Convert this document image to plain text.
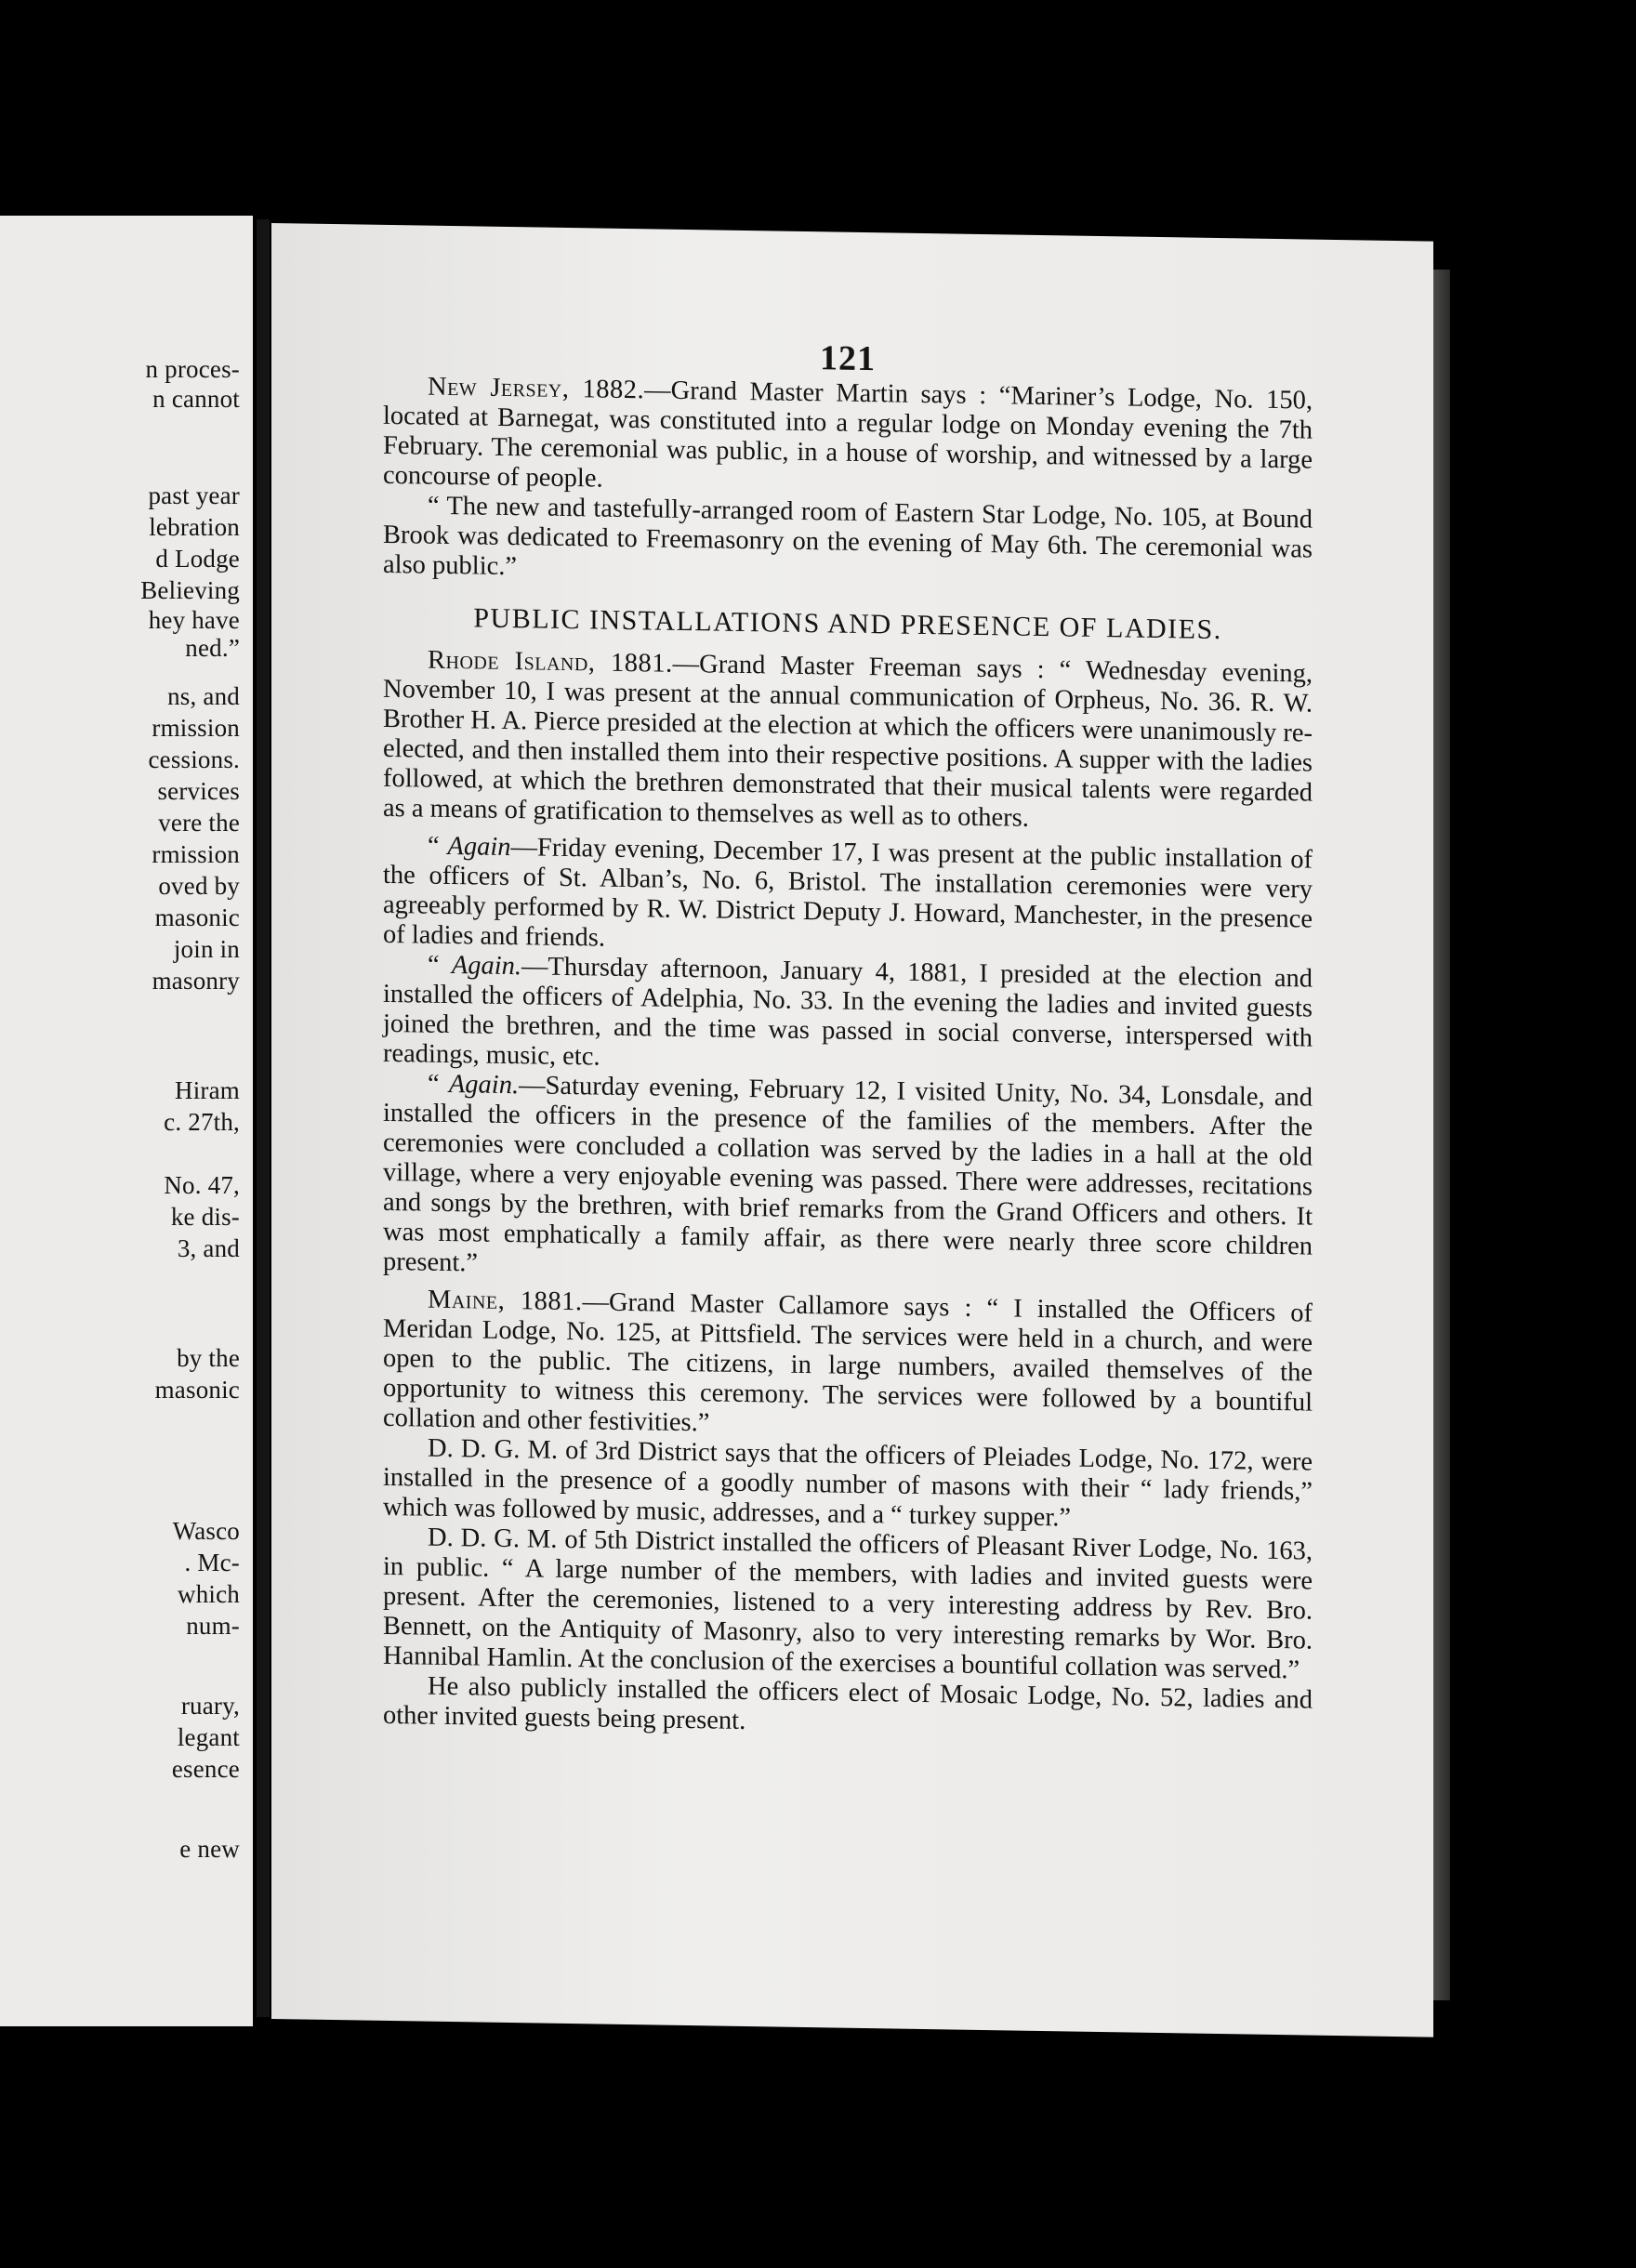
n proces-
n cannot
past year
lebration
d Lodge
Believing
hey have
ned.”
ns, and
rmission
cessions.
services
vere the
rmission
oved by
masonic
join in
masonry
Hiram
c. 27th,
No. 47,
ke dis-
3, and
by the
masonic
Wasco
. Mc-
which
num-
ruary,
legant
esence
e new
121

New Jersey, 1882.—Grand Master Martin says : “Mariner’s Lodge, No. 150, located at Barnegat, was constituted into a regular lodge on Monday evening the 7th February. The ceremonial was public, in a house of worship, and witnessed by a large concourse of people.

“ The new and tastefully-arranged room of Eastern Star Lodge, No. 105, at Bound Brook was dedicated to Freemasonry on the evening of May 6th. The ceremonial was also public.”

PUBLIC INSTALLATIONS AND PRESENCE OF LADIES.

Rhode Island, 1881.—Grand Master Freeman says : “ Wednesday evening, November 10, I was present at the annual communication of Orpheus, No. 36. R. W. Brother H. A. Pierce presided at the election at which the officers were unanimously re-elected, and then installed them into their respective positions. A supper with the ladies followed, at which the brethren demonstrated that their musical talents were regarded as a means of gratification to themselves as well as to others.

“ Again—Friday evening, December 17, I was present at the public installation of the officers of St. Alban’s, No. 6, Bristol. The installation ceremonies were very agreeably performed by R. W. District Deputy J. Howard, Manchester, in the presence of ladies and friends.

“ Again.—Thursday afternoon, January 4, 1881, I presided at the election and installed the officers of Adelphia, No. 33. In the evening the ladies and invited guests joined the brethren, and the time was passed in social converse, interspersed with readings, music, etc.

“ Again.—Saturday evening, February 12, I visited Unity, No. 34, Lonsdale, and installed the officers in the presence of the families of the members. After the ceremonies were concluded a collation was served by the ladies in a hall at the old village, where a very enjoyable evening was passed. There were addresses, recitations and songs by the brethren, with brief remarks from the Grand Officers and others. It was most emphatically a family affair, as there were nearly three score children present.”

Maine, 1881.—Grand Master Callamore says : “ I installed the Officers of Meridan Lodge, No. 125, at Pittsfield. The services were held in a church, and were open to the public. The citizens, in large numbers, availed themselves of the opportunity to witness this ceremony. The services were followed by a bountiful collation and other festivities.”

D. D. G. M. of 3rd District says that the officers of Pleiades Lodge, No. 172, were installed in the presence of a goodly number of masons with their “ lady friends,” which was followed by music, addresses, and a “ turkey supper.”

D. D. G. M. of 5th District installed the officers of Pleasant River Lodge, No. 163, in public. “ A large number of the members, with ladies and invited guests were present. After the ceremonies, listened to a very interesting address by Rev. Bro. Bennett, on the Antiquity of Masonry, also to very interesting remarks by Wor. Bro. Hannibal Hamlin. At the conclusion of the exercises a bountiful collation was served.”

He also publicly installed the officers elect of Mosaic Lodge, No. 52, ladies and other invited guests being present.
